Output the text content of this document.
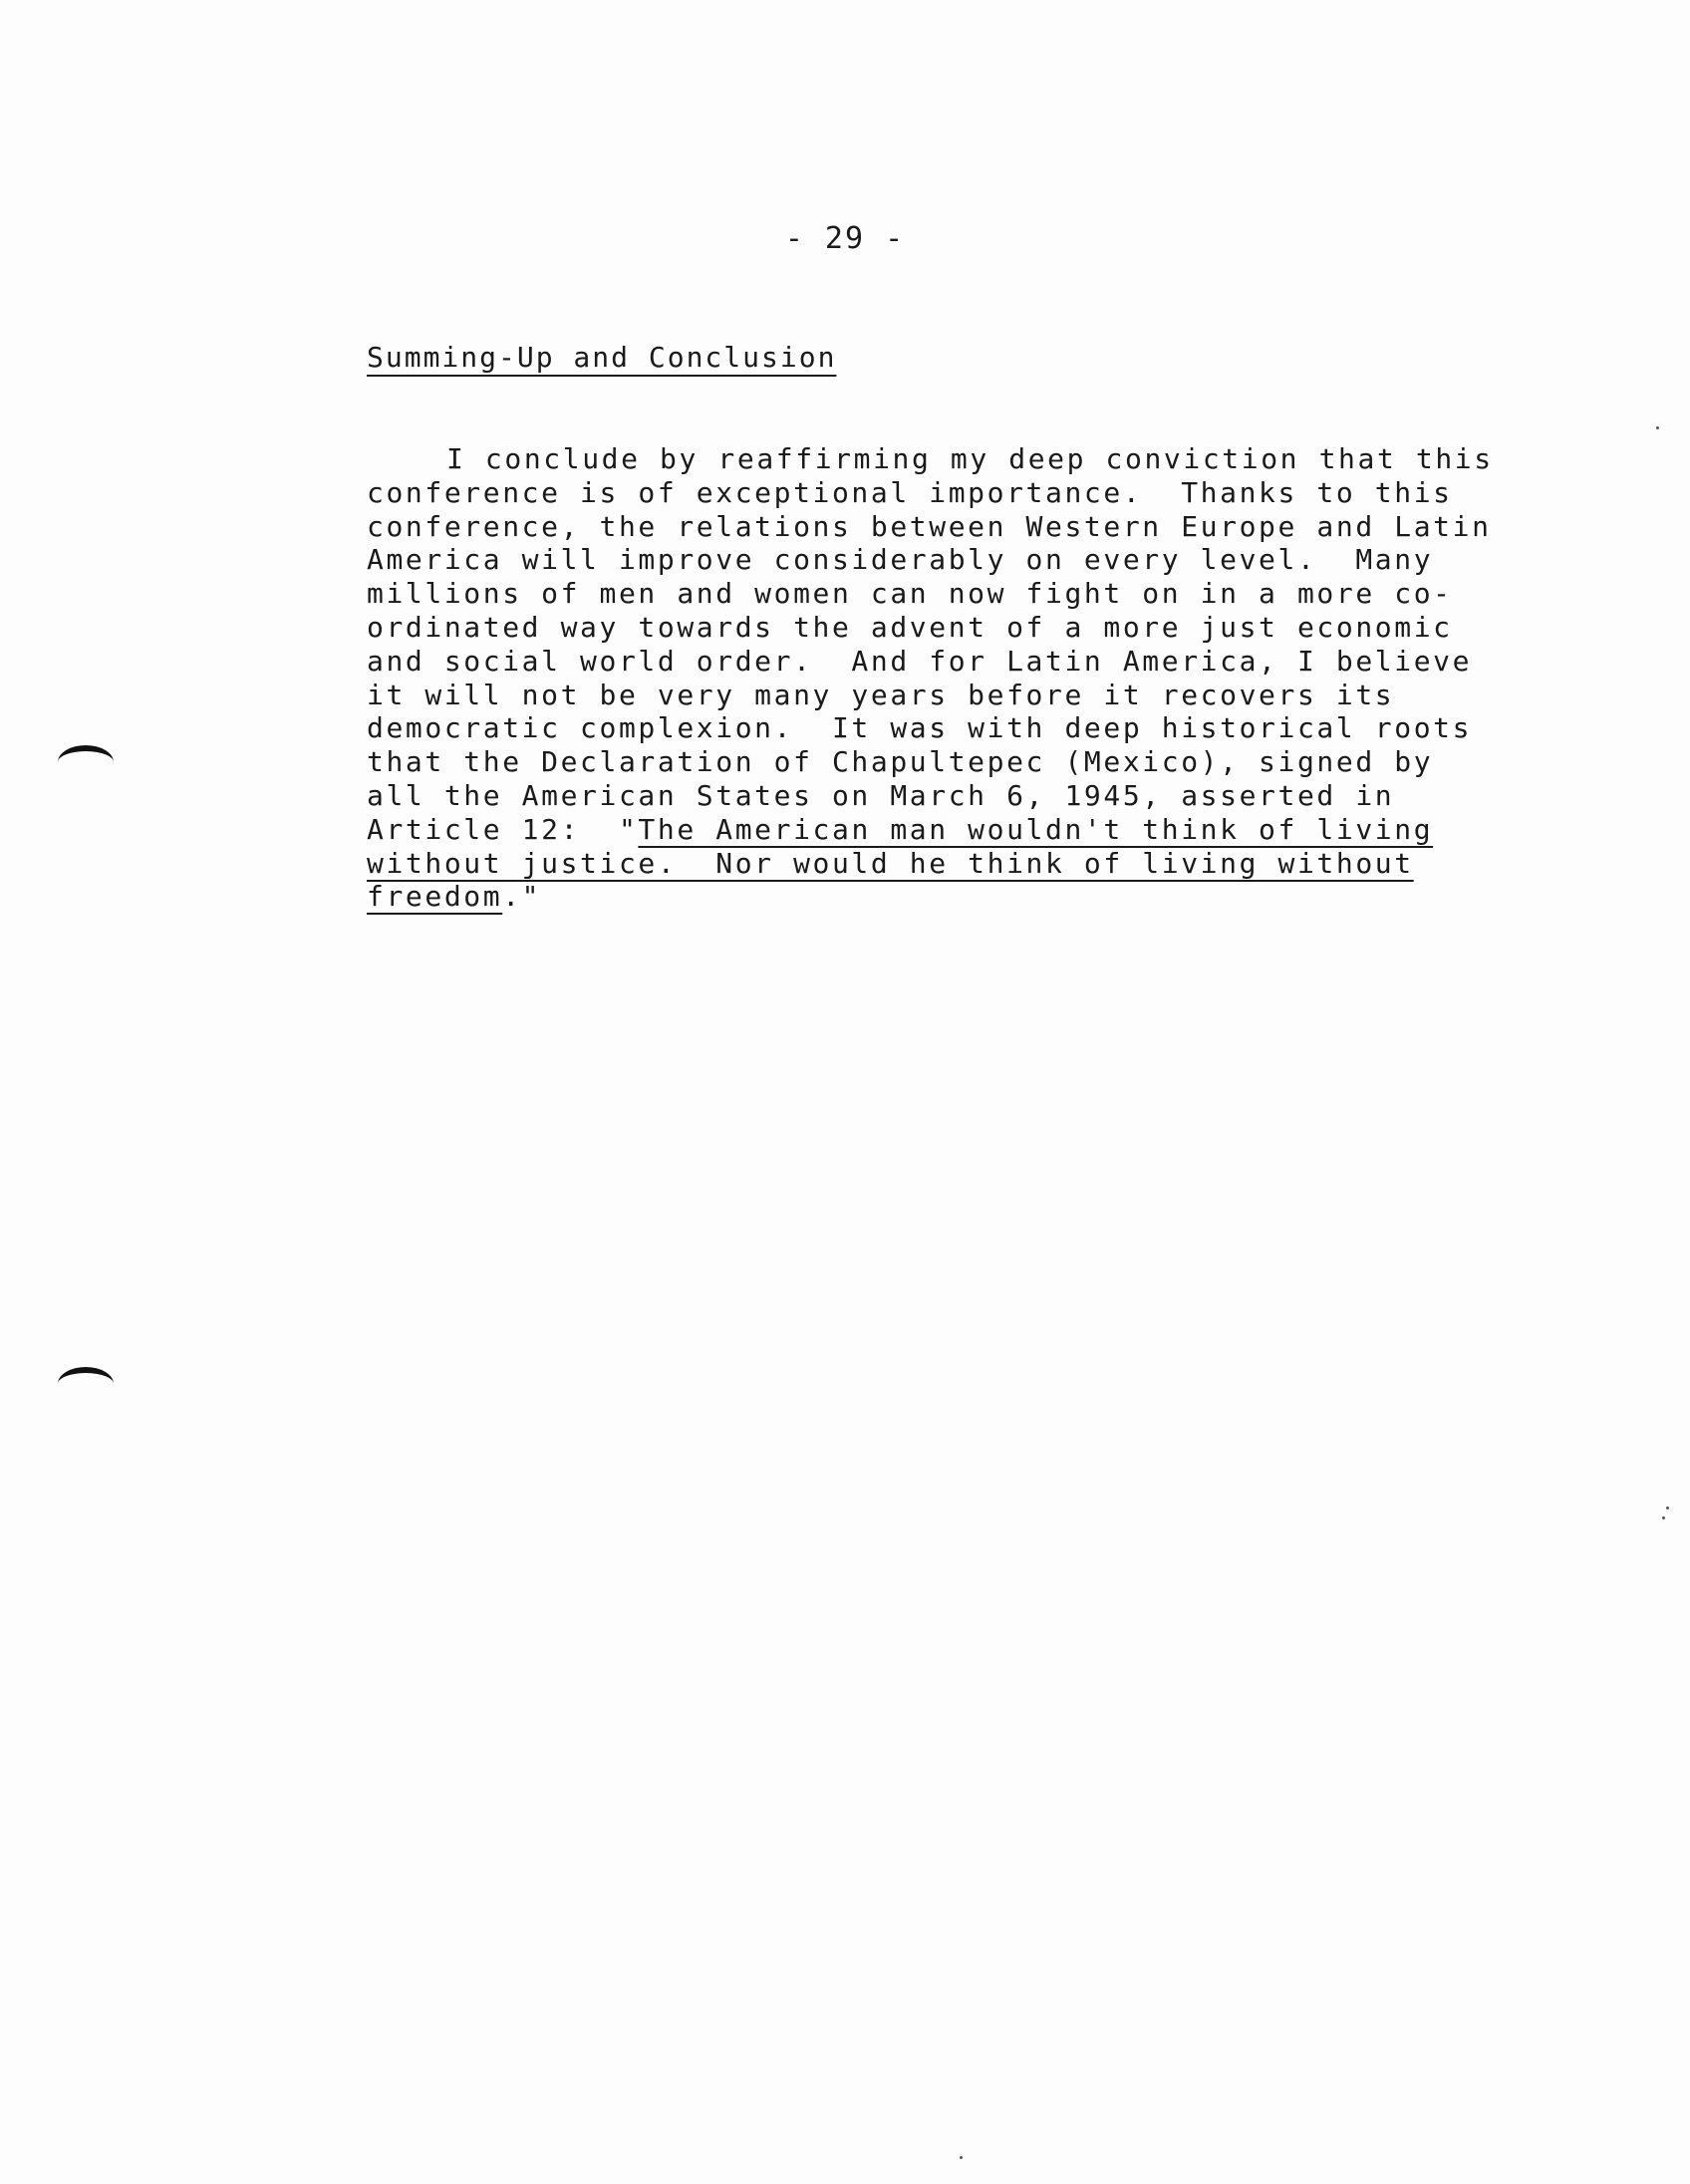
- 29 -
Summing-Up and Conclusion
I conclude by reaffirming my deep conviction that this
conference is of exceptional importance.  Thanks to this
conference, the relations between Western Europe and Latin
America will improve considerably on every level.  Many
millions of men and women can now fight on in a more co-
ordinated way towards the advent of a more just economic
and social world order.  And for Latin America, I believe
it will not be very many years before it recovers its
democratic complexion.  It was with deep historical roots
that the Declaration of Chapultepec (Mexico), signed by
all the American States on March 6, 1945, asserted in
Article 12:  "The American man wouldn't think of living
without justice.  Nor would he think of living without
freedom."
